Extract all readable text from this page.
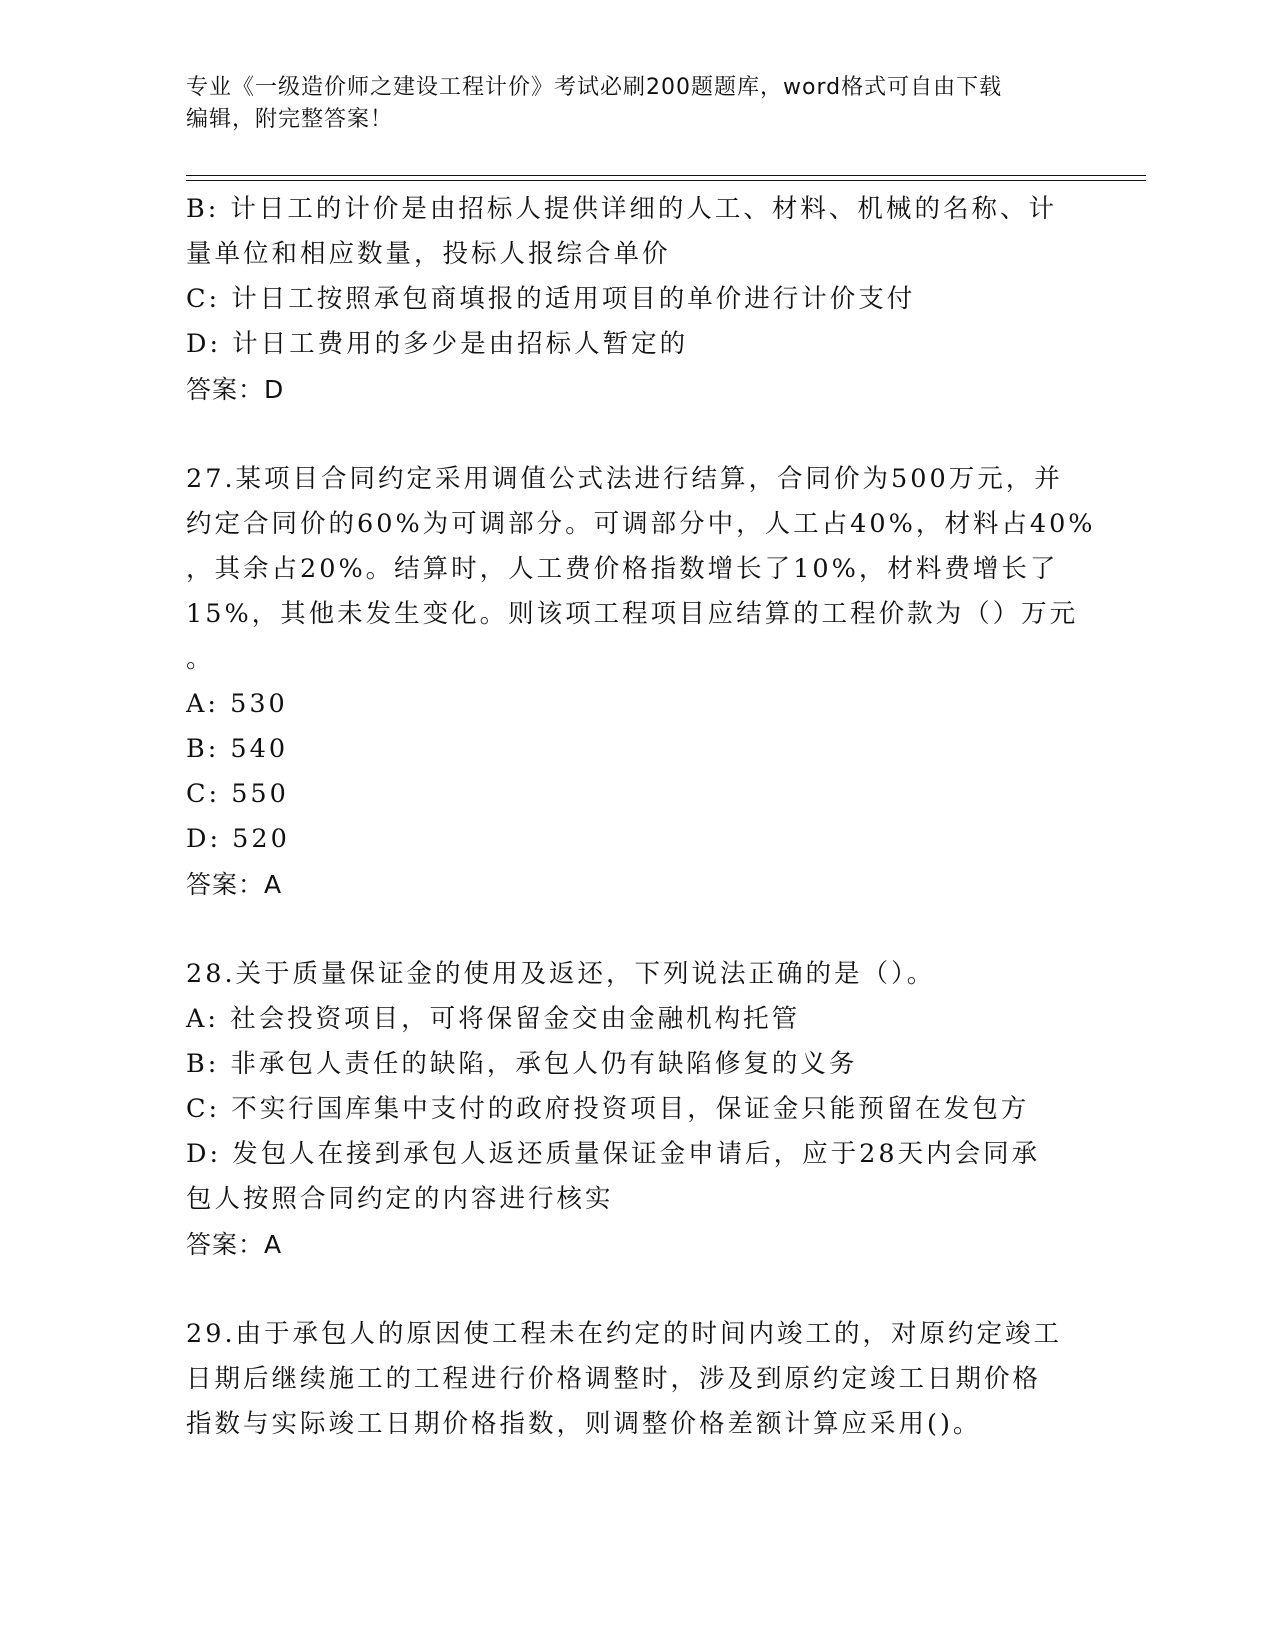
专业《一级造价师之建设工程计价》考试必刷200题题库，word格式可自由下载
编辑，附完整答案！
B: 计日工的计价是由招标人提供详细的人工、材料、机械的名称、计
量单位和相应数量，投标人报综合单价
C: 计日工按照承包商填报的适用项目的单价进行计价支付
D: 计日工费用的多少是由招标人暂定的
答案：D
27.某项目合同约定采用调值公式法进行结算，合同价为500万元，并
约定合同价的60%为可调部分。可调部分中，人工占40%，材料占40%
，其余占20%。结算时，人工费价格指数增长了10%，材料费增长了
15%，其他未发生变化。则该项工程项目应结算的工程价款为（）万元
。
A: 530
B: 540
C: 550
D: 520
答案：A
28.关于质量保证金的使用及返还，下列说法正确的是（）。
A: 社会投资项目，可将保留金交由金融机构托管
B: 非承包人责任的缺陷，承包人仍有缺陷修复的义务
C: 不实行国库集中支付的政府投资项目，保证金只能预留在发包方
D: 发包人在接到承包人返还质量保证金申请后，应于28天内会同承
包人按照合同约定的内容进行核实
答案：A
29.由于承包人的原因使工程未在约定的时间内竣工的，对原约定竣工
日期后继续施工的工程进行价格调整时，涉及到原约定竣工日期价格
指数与实际竣工日期价格指数，则调整价格差额计算应采用()。
